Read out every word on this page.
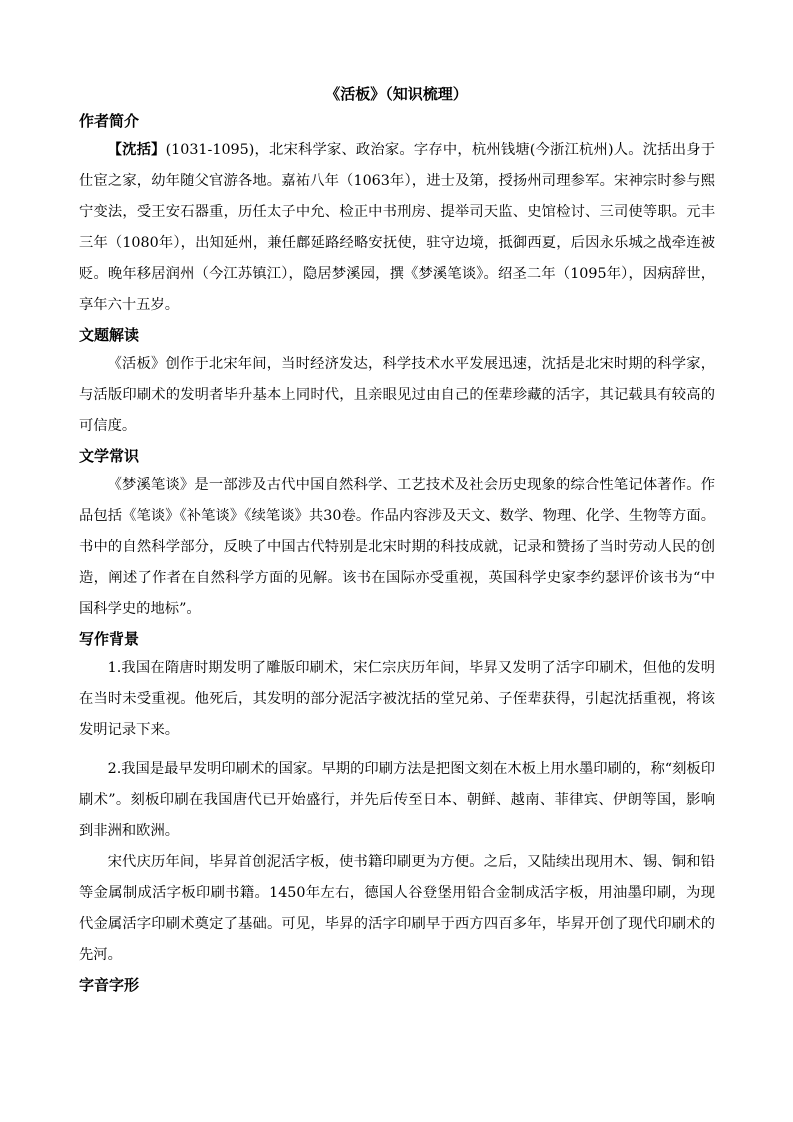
《活板》（知识梳理）
作者简介

【沈括】(1031-1095)，北宋科学家、政治家。字存中，杭州钱塘(今浙江杭州)人。沈括出身于仕宦之家，幼年随父官游各地。嘉祐八年（1063年），进士及第，授扬州司理参军。宋神宗时参与熙宁变法，受王安石器重，历任太子中允、检正中书刑房、提举司天监、史馆检讨、三司使等职。元丰三年（1080年），出知延州，兼任鄜延路经略安抚使，驻守边境，抵御西夏，后因永乐城之战牵连被贬。晚年移居润州（今江苏镇江），隐居梦溪园，撰《梦溪笔谈》。绍圣二年（1095年），因病辞世，享年六十五岁。

文题解读

《活板》创作于北宋年间，当时经济发达，科学技术水平发展迅速，沈括是北宋时期的科学家，与活版印刷术的发明者毕升基本上同时代，且亲眼见过由自己的侄辈珍藏的活字，其记载具有较高的可信度。

文学常识

《梦溪笔谈》是一部涉及古代中国自然科学、工艺技术及社会历史现象的综合性笔记体著作。作品包括《笔谈》《补笔谈》《续笔谈》共30卷。作品内容涉及天文、数学、物理、化学、生物等方面。书中的自然科学部分，反映了中国古代特别是北宋时期的科技成就，记录和赞扬了当时劳动人民的创造，阐述了作者在自然科学方面的见解。该书在国际亦受重视，英国科学史家李约瑟评价该书为“中国科学史的地标”。

写作背景

1.我国在隋唐时期发明了雕版印刷术，宋仁宗庆历年间，毕昇又发明了活字印刷术，但他的发明在当时未受重视。他死后，其发明的部分泥活字被沈括的堂兄弟、子侄辈获得，引起沈括重视，将该发明记录下来。

2.我国是最早发明印刷术的国家。早期的印刷方法是把图文刻在木板上用水墨印刷的，称“刻板印刷术”。刻板印刷在我国唐代已开始盛行，并先后传至日本、朝鲜、越南、菲律宾、伊朗等国，影响到非洲和欧洲。

宋代庆历年间，毕昇首创泥活字板，使书籍印刷更为方便。之后，又陆续出现用木、锡、铜和铅等金属制成活字板印刷书籍。1450年左右，德国人谷登堡用铅合金制成活字板，用油墨印刷，为现代金属活字印刷术奠定了基础。可见，毕昇的活字印刷早于西方四百多年，毕昇开创了现代印刷术的先河。

字音字形
